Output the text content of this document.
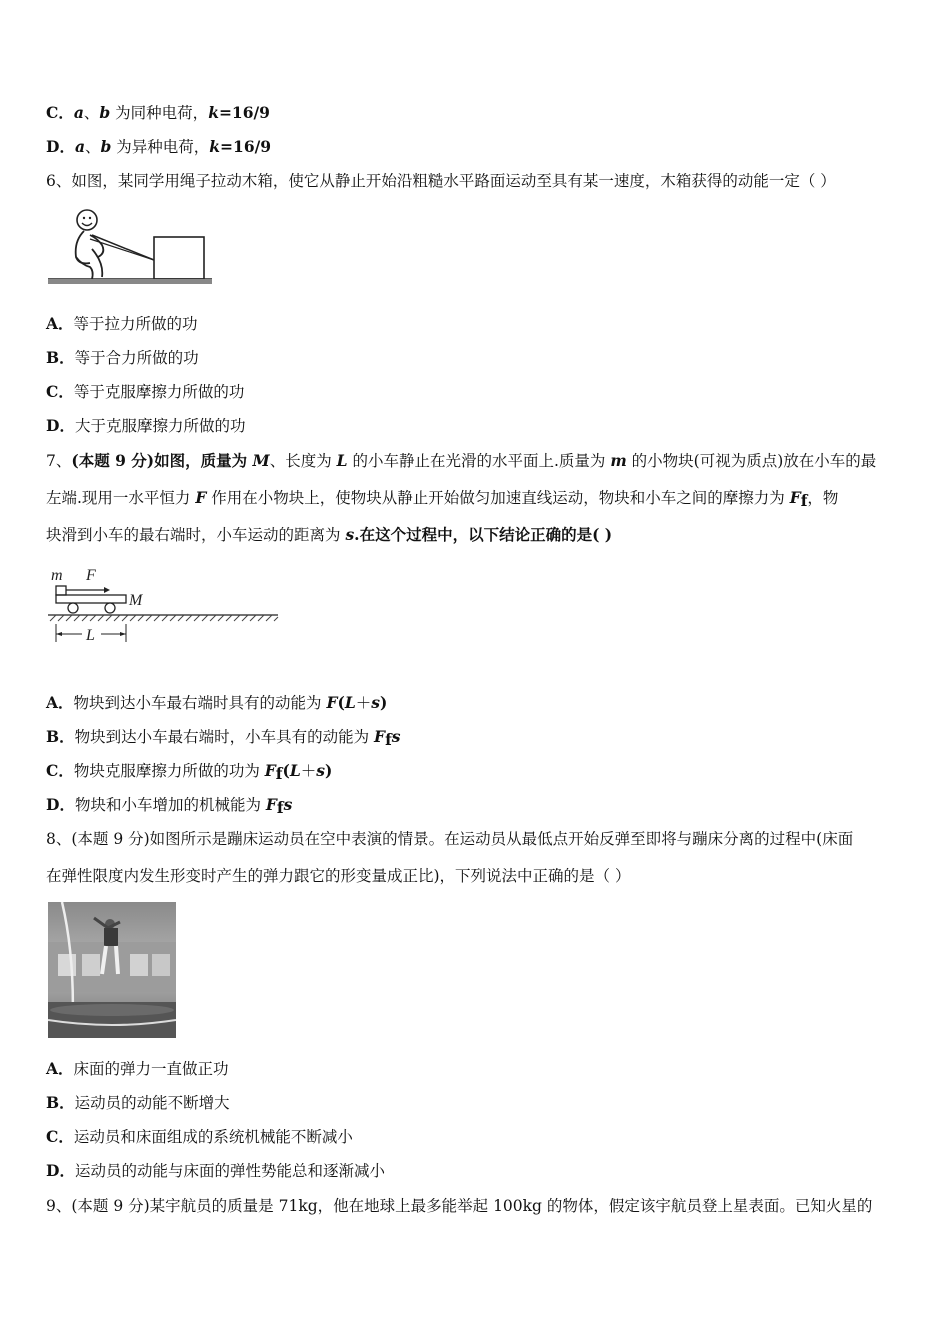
C．a、b 为同种电荷，k=16/9
D．a、b 为异种电荷，k=16/9
6、如图，某同学用绳子拉动木箱，使它从静止开始沿粗糙水平路面运动至具有某一速度，木箱获得的动能一定（ ）
A．等于拉力所做的功
B．等于合力所做的功
C．等于克服摩擦力所做的功
D．大于克服摩擦力所做的功
7、(本题 9 分)如图，质量为 M、长度为 L 的小车静止在光滑的水平面上.质量为 m 的小物块(可视为质点)放在小车的最
左端.现用一水平恒力 F 作用在小物块上，使物块从静止开始做匀加速直线运动，物块和小车之间的摩擦力为 Ff，物
块滑到小车的最右端时，小车运动的距离为 s.在这个过程中，以下结论正确的是( )
m F
M
L
A．物块到达小车最右端时具有的动能为 F(L＋s)
B．物块到达小车最右端时，小车具有的动能为 Ffs
C．物块克服摩擦力所做的功为 Ff(L＋s)
D．物块和小车增加的机械能为 Ffs
8、(本题 9 分)如图所示是蹦床运动员在空中表演的情景。在运动员从最低点开始反弹至即将与蹦床分离的过程中(床面
在弹性限度内发生形变时产生的弹力跟它的形变量成正比)，下列说法中正确的是（ ）
A．床面的弹力一直做正功
B．运动员的动能不断增大
C．运动员和床面组成的系统机械能不断减小
D．运动员的动能与床面的弹性势能总和逐渐减小
9、(本题 9 分)某宇航员的质量是 71kg，他在地球上最多能举起 100kg 的物体，假定该宇航员登上星表面。已知火星的
